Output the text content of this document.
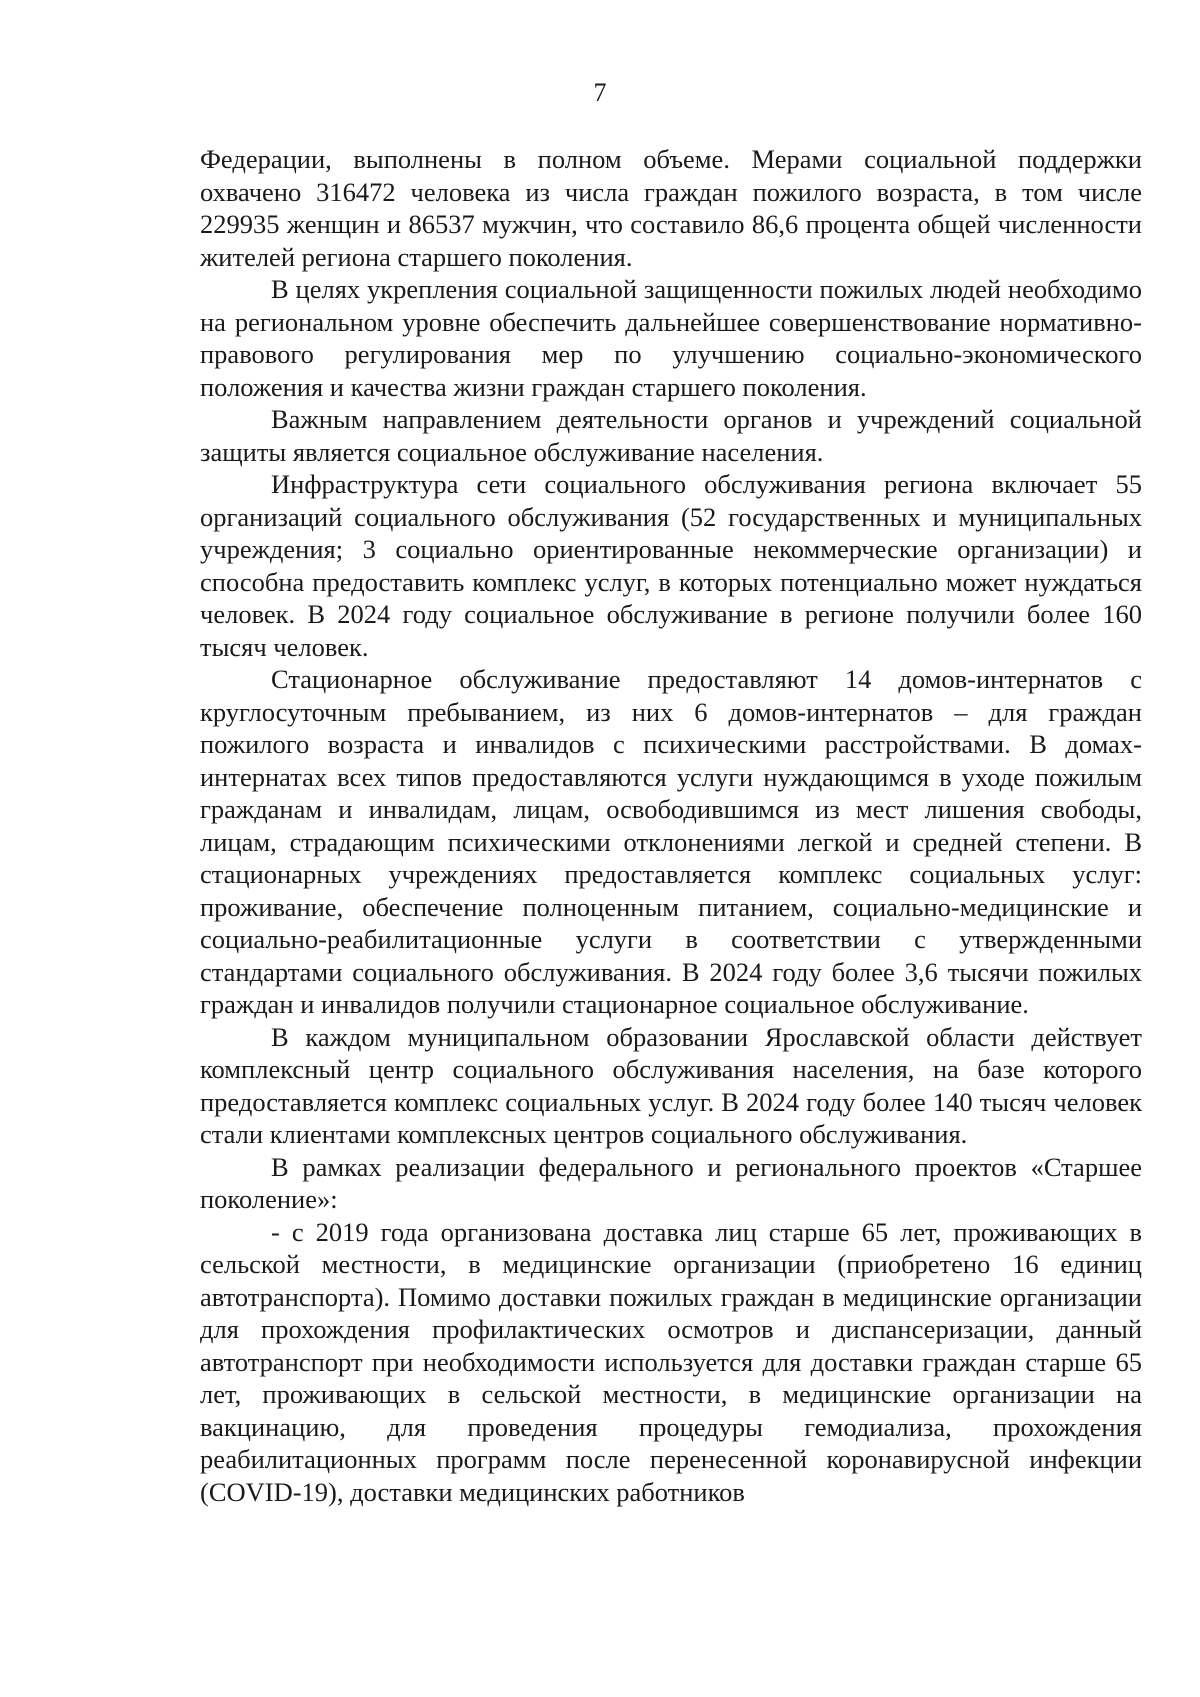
7

Федерации, выполнены в полном объеме. Мерами социальной поддержки охвачено 316472 человека из числа граждан пожилого возраста, в том числе 229935 женщин и 86537 мужчин, что составило 86,6 процента общей численности жителей региона старшего поколения.

В целях укрепления социальной защищенности пожилых людей необходимо на региональном уровне обеспечить дальнейшее совершенствование нормативно-правового регулирования мер по улучшению социально-экономического положения и качества жизни граждан старшего поколения.

Важным направлением деятельности органов и учреждений социальной защиты является социальное обслуживание населения.

Инфраструктура сети социального обслуживания региона включает 55 организаций социального обслуживания (52 государственных и муниципальных учреждения; 3 социально ориентированные некоммерческие организации) и способна предоставить комплекс услуг, в которых потенциально может нуждаться человек. В 2024 году социальное обслуживание в регионе получили более 160 тысяч человек.

Стационарное обслуживание предоставляют 14 домов-интернатов с круглосуточным пребыванием, из них 6 домов-интернатов – для граждан пожилого возраста и инвалидов с психическими расстройствами. В домах-интернатах всех типов предоставляются услуги нуждающимся в уходе пожилым гражданам и инвалидам, лицам, освободившимся из мест лишения свободы, лицам, страдающим психическими отклонениями легкой и средней степени. В стационарных учреждениях предоставляется комплекс социальных услуг: проживание, обеспечение полноценным питанием, социально-медицинские и социально-реабилитационные услуги в соответствии с утвержденными стандартами социального обслуживания. В 2024 году более 3,6 тысячи пожилых граждан и инвалидов получили стационарное социальное обслуживание.

В каждом муниципальном образовании Ярославской области действует комплексный центр социального обслуживания населения, на базе которого предоставляется комплекс социальных услуг. В 2024 году более 140 тысяч человек стали клиентами комплексных центров социального обслуживания.

В рамках реализации федерального и регионального проектов «Старшее поколение»:

- с 2019 года организована доставка лиц старше 65 лет, проживающих в сельской местности, в медицинские организации (приобретено 16 единиц автотранспорта). Помимо доставки пожилых граждан в медицинские организации для прохождения профилактических осмотров и диспансеризации, данный автотранспорт при необходимости используется для доставки граждан старше 65 лет, проживающих в сельской местности, в медицинские организации на вакцинацию, для проведения процедуры гемодиализа, прохождения реабилитационных программ после перенесенной коронавирусной инфекции (COVID-19), доставки медицинских работников
